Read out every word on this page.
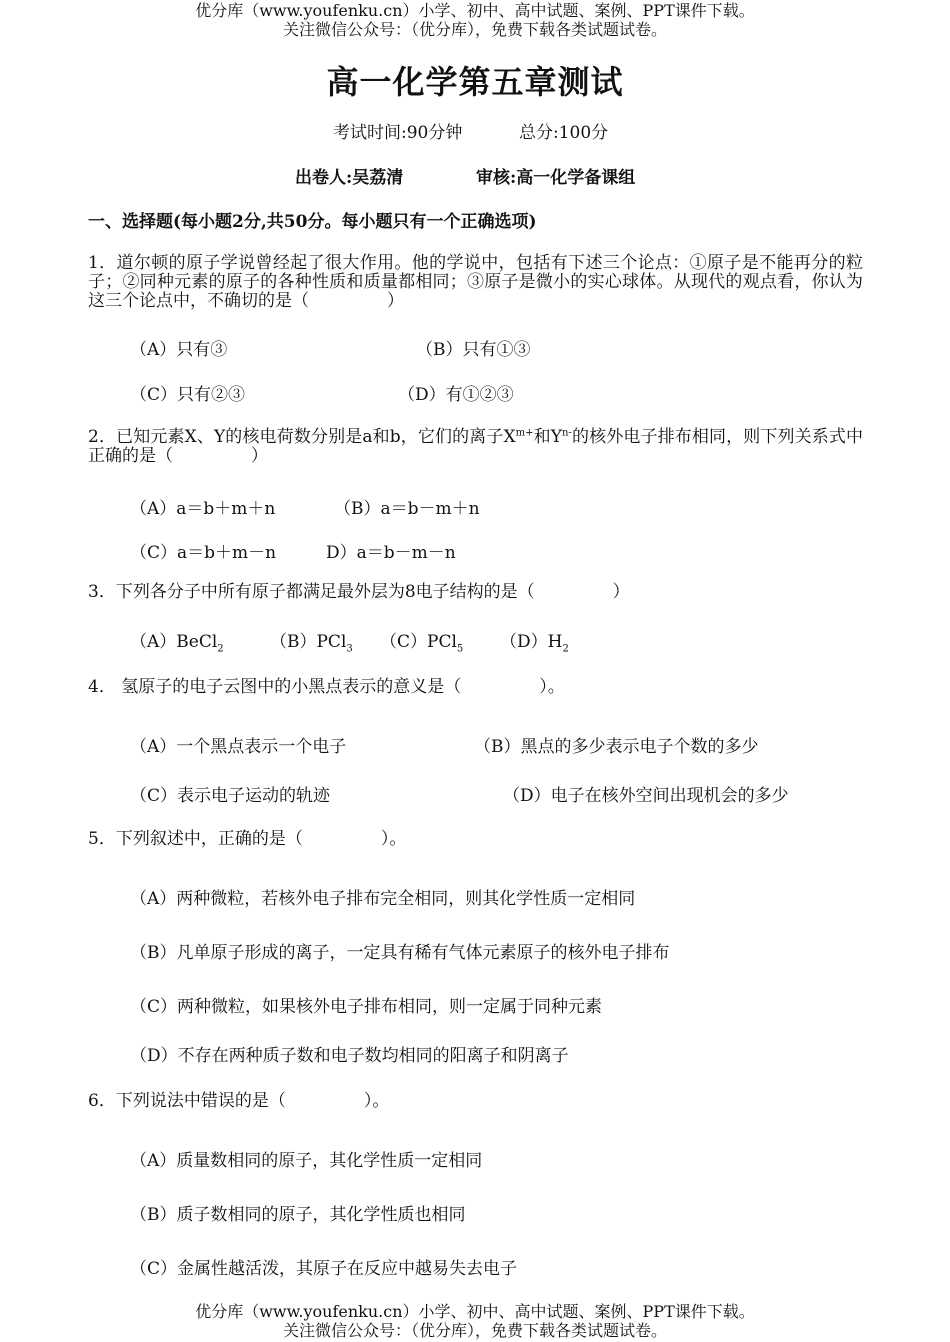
优分库（www.youfenku.cn）小学、初中、高中试题、案例、PPT课件下载。
关注微信公众号：（优分库），免费下载各类试题试卷。
高一化学第五章测试
考试时间:90分钟	总分:100分
出卷人:吴荔清	审核:高一化学备课组
一、选择题(每小题2分,共50分。每小题只有一个正确选项)
1．道尔顿的原子学说曾经起了很大作用。他的学说中，包括有下述三个论点：①原子是不能再分的粒子；②同种元素的原子的各种性质和质量都相同；③原子是微小的实心球体。从现代的观点看，你认为这三个论点中，不确切的是（	）
（A）只有③	（B）只有①③
（C）只有②③	（D）有①②③
2．已知元素X、Y的核电荷数分别是a和b，它们的离子$X^{m+}$和$Y^{n-}$的核外电子排布相同，则下列关系式中正确的是（	）
（A）a＝b＋m＋n	（B）a＝b－m＋n
（C）a＝b＋m－n	D）a＝b－m－n
3．下列各分子中所有原子都满足最外层为8电子结构的是（	）
（A）BeCl$_2$	（B）PCl$_3$ （C）PCl$_5$ $(D)H_2$
4． 氢原子的电子云图中的小黑点表示的意义是（	）。
（A）一个黑点表示一个电子	（B）黑点的多少表示电子个数的多少
（C）表示电子运动的轨迹	（D）电子在核外空间出现机会的多少
5．下列叙述中，正确的是（	）。
（A）两种微粒，若核外电子排布完全相同，则其化学性质一定相同
（B）凡单原子形成的离子，一定具有稀有气体元素原子的核外电子排布
（C）两种微粒，如果核外电子排布相同，则一定属于同种元素
（D）不存在两种质子数和电子数均相同的阳离子和阴离子
6．下列说法中错误的是（	）。
（A）质量数相同的原子，其化学性质一定相同
（B）质子数相同的原子，其化学性质也相同
（C）金属性越活泼，其原子在反应中越易失去电子
优分库（www.youfenku.cn）小学、初中、高中试题、案例、PPT课件下载。
关注微信公众号：（优分库），免费下载各类试题试卷。
